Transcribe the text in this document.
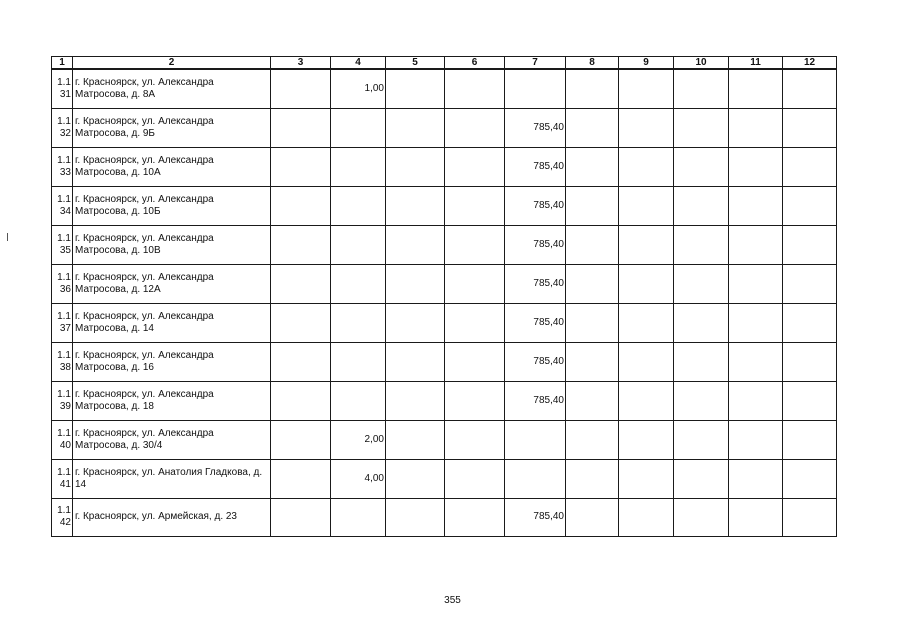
1	2	3	4	5	6	7	8	9	10	11	12

1.1
31	г. Красноярск, ул. Александра Матросова, д. 8А		1,00								

1.1
32	г. Красноярск, ул. Александра Матросова, д. 9Б					785,40					

1.1
33	г. Красноярск, ул. Александра Матросова, д. 10А					785,40					

1.1
34	г. Красноярск, ул. Александра Матросова, д. 10Б					785,40					

1.1
35	г. Красноярск, ул. Александра Матросова, д. 10В					785,40					

1.1
36	г. Красноярск, ул. Александра Матросова, д. 12А					785,40					

1.1
37	г. Красноярск, ул. Александра Матросова, д. 14					785,40					

1.1
38	г. Красноярск, ул. Александра Матросова, д. 16					785,40					

1.1
39	г. Красноярск, ул. Александра Матросова, д. 18					785,40					

1.1
40	г. Красноярск, ул. Александра Матросова, д. 30/4		2,00								

1.1
41	г. Красноярск, ул. Анатолия Гладкова, д. 14		4,00								

1.1
42	г. Красноярск, ул. Армейская, д. 23					785,40					
355
